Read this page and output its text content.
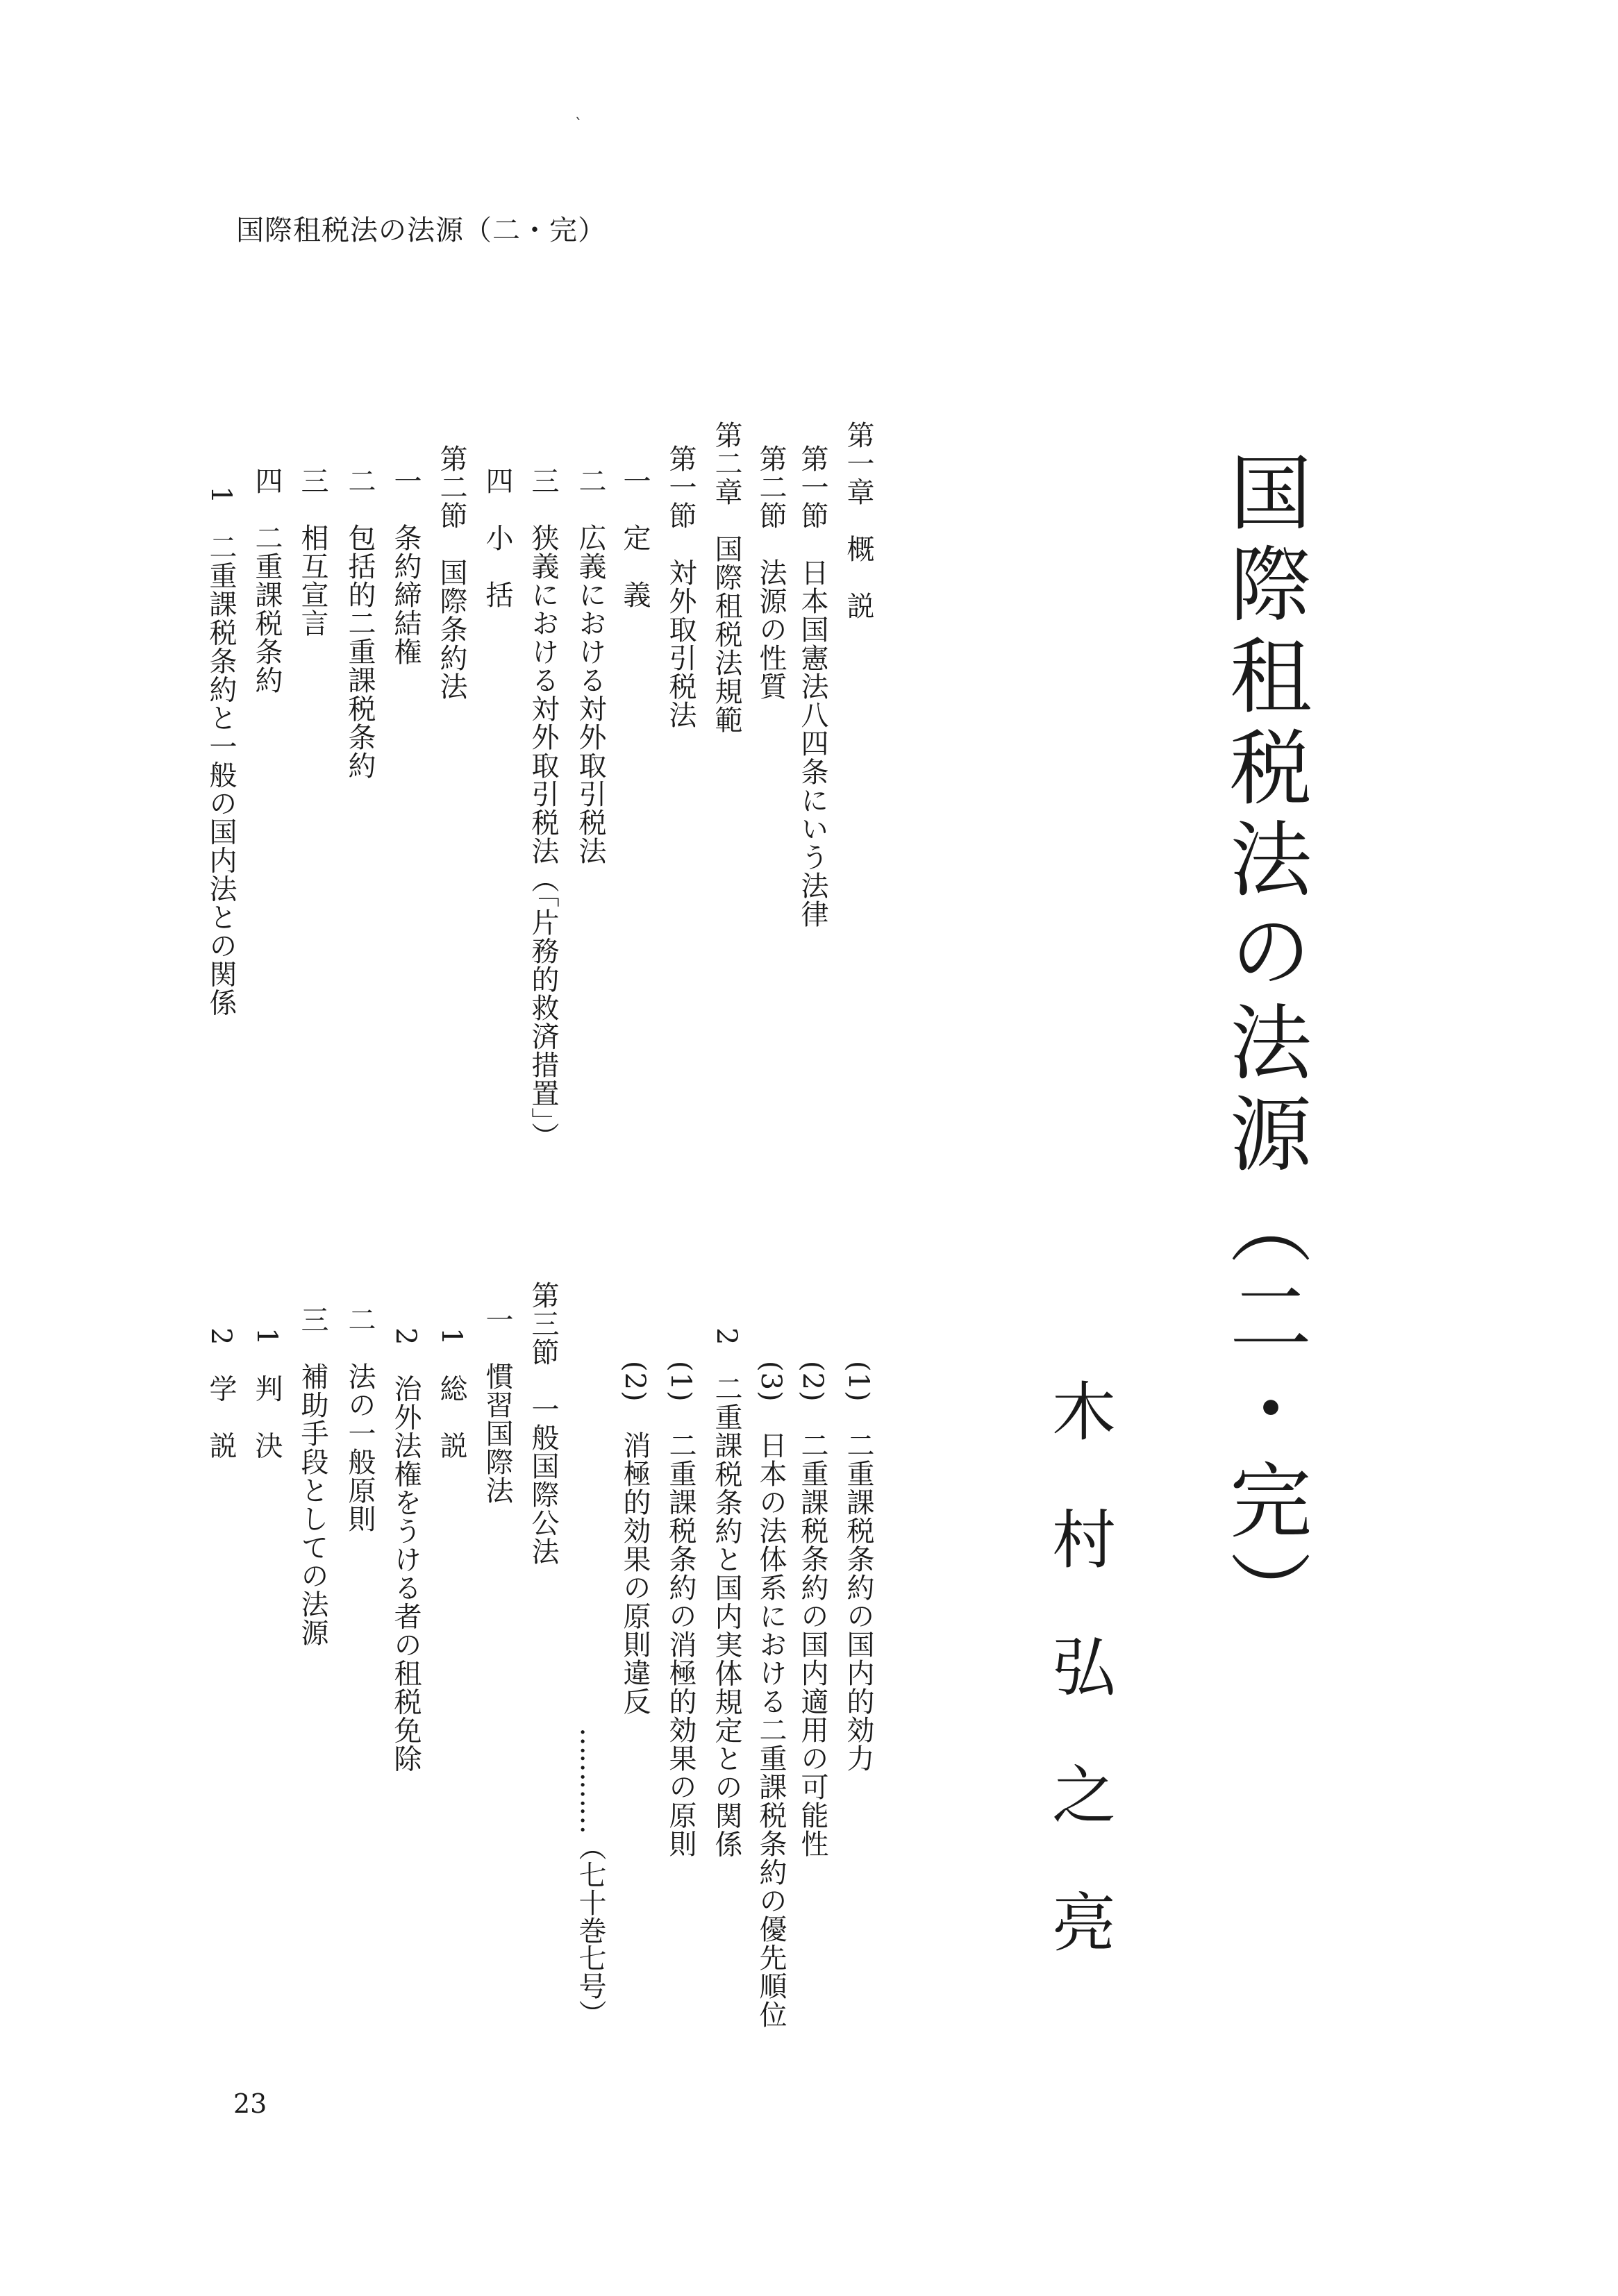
`
国際租税法の法源（二・完）
国際租税法の法源（二・完）
木村弘之亮
第一章　概　説
第一節　日本国憲法八四条にいう法律
第二節　法源の性質
第二章　国際租税法規範
第一節　対外取引税法
一　定　義
二　広義における対外取引税法
三　狭義における対外取引税法（「片務的救済措置」）
四　小　括
第二節　国際条約法
一　条約締結権
二　包括的二重課税条約
三　相互宣言
四　二重課税条約
1　二重課税条約と一般の国内法との関係
(1)　二重課税条約の国内的効力
(2)　二重課税条約の国内適用の可能性
(3)　日本の法体系における二重課税条約の優先順位
2　二重課税条約と国内実体規定との関係
(1)　二重課税条約の消極的効果の原則
(2)　消極的効果の原則違反
第三節　一般国際公法
一　慣習国際法
1　総　説
2　治外法権をうける者の租税免除
二　法の一般原則
三　補助手段としての法源
1　判　決
2　学　説
…………（七十巻七号）
23
